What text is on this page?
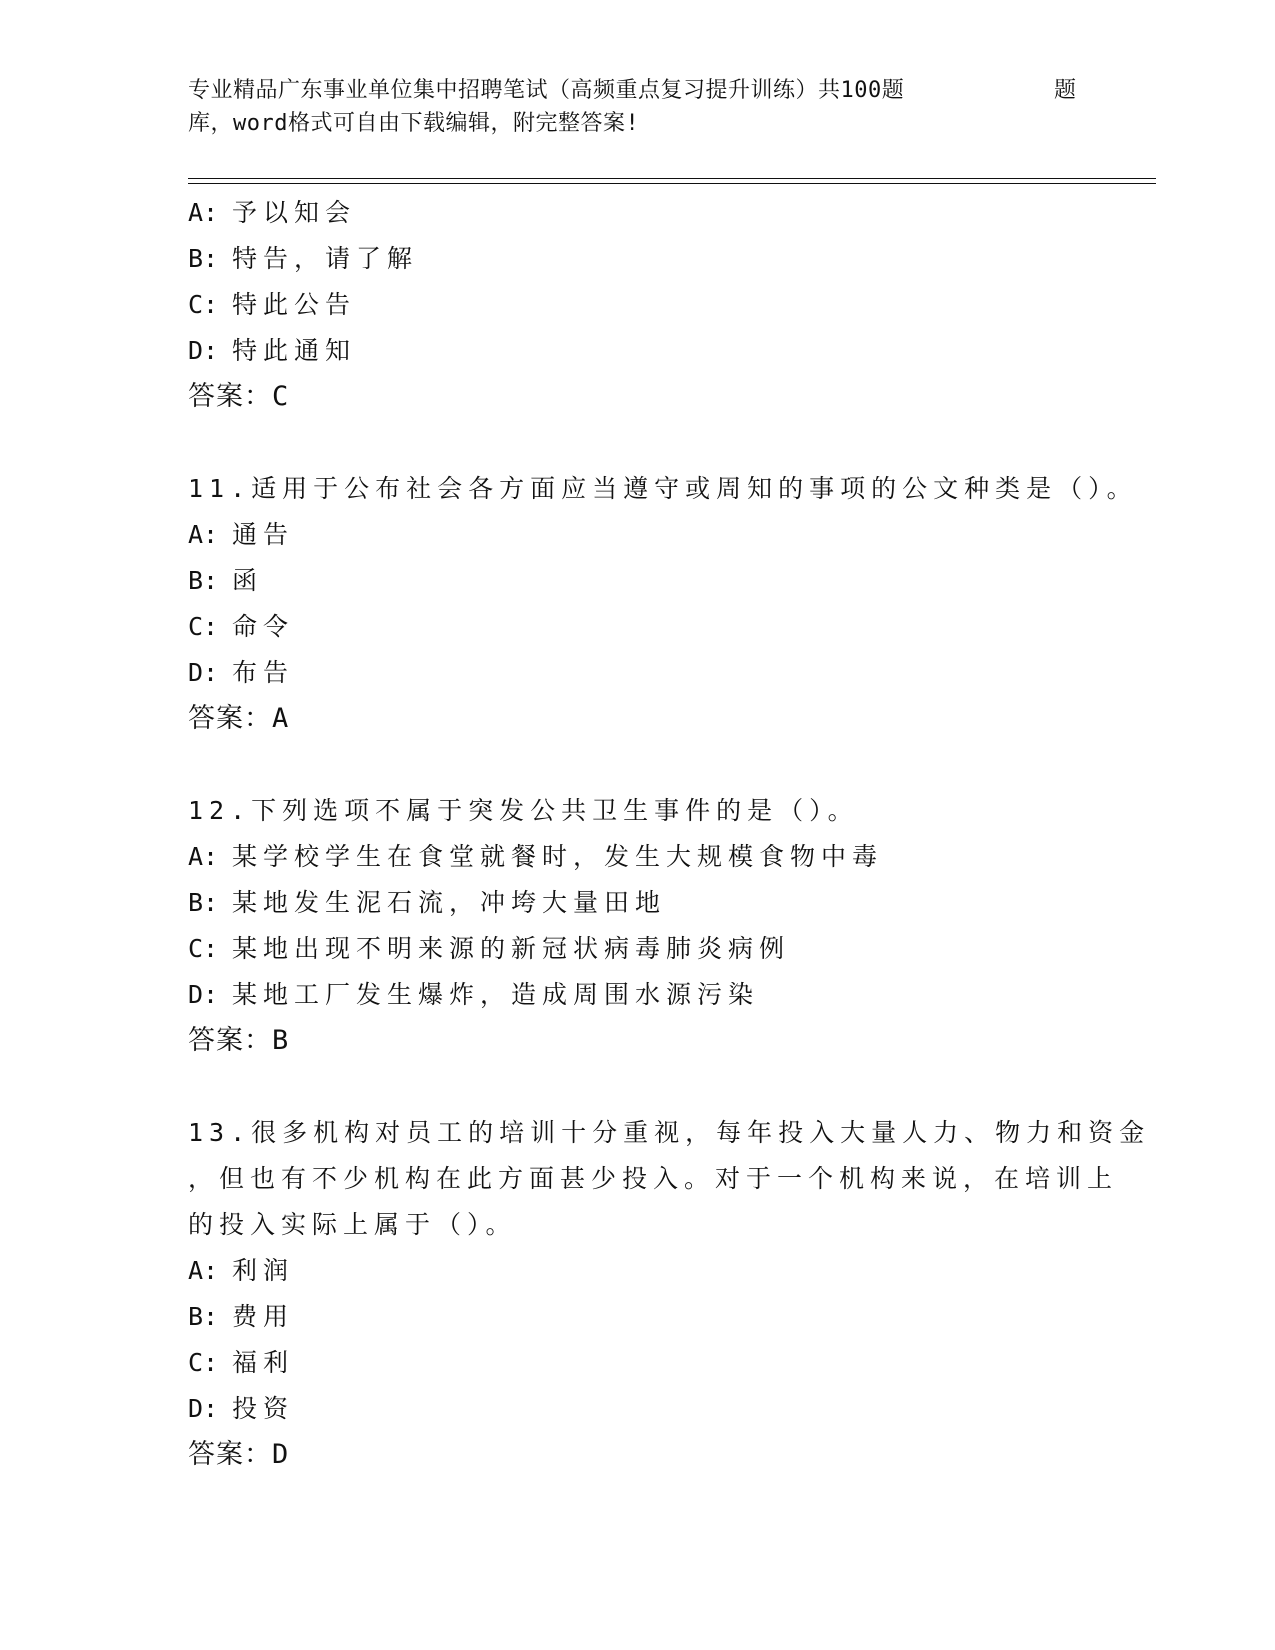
专业精品广东事业单位集中招聘笔试（高频重点复习提升训练）共100题	题
库，word格式可自由下载编辑，附完整答案!
A: 予以知会
B: 特告，请了解
C: 特此公告
D: 特此通知
答案：C
11.适用于公布社会各方面应当遵守或周知的事项的公文种类是（）。
A: 通告
B: 函
C: 命令
D: 布告
答案：A
12.下列选项不属于突发公共卫生事件的是（）。
A: 某学校学生在食堂就餐时，发生大规模食物中毒
B: 某地发生泥石流，冲垮大量田地
C: 某地出现不明来源的新冠状病毒肺炎病例
D: 某地工厂发生爆炸，造成周围水源污染
答案：B
13.很多机构对员工的培训十分重视，每年投入大量人力、物力和资金
，但也有不少机构在此方面甚少投入。对于一个机构来说，在培训上
的投入实际上属于（）。
A: 利润
B: 费用
C: 福利
D: 投资
答案：D
